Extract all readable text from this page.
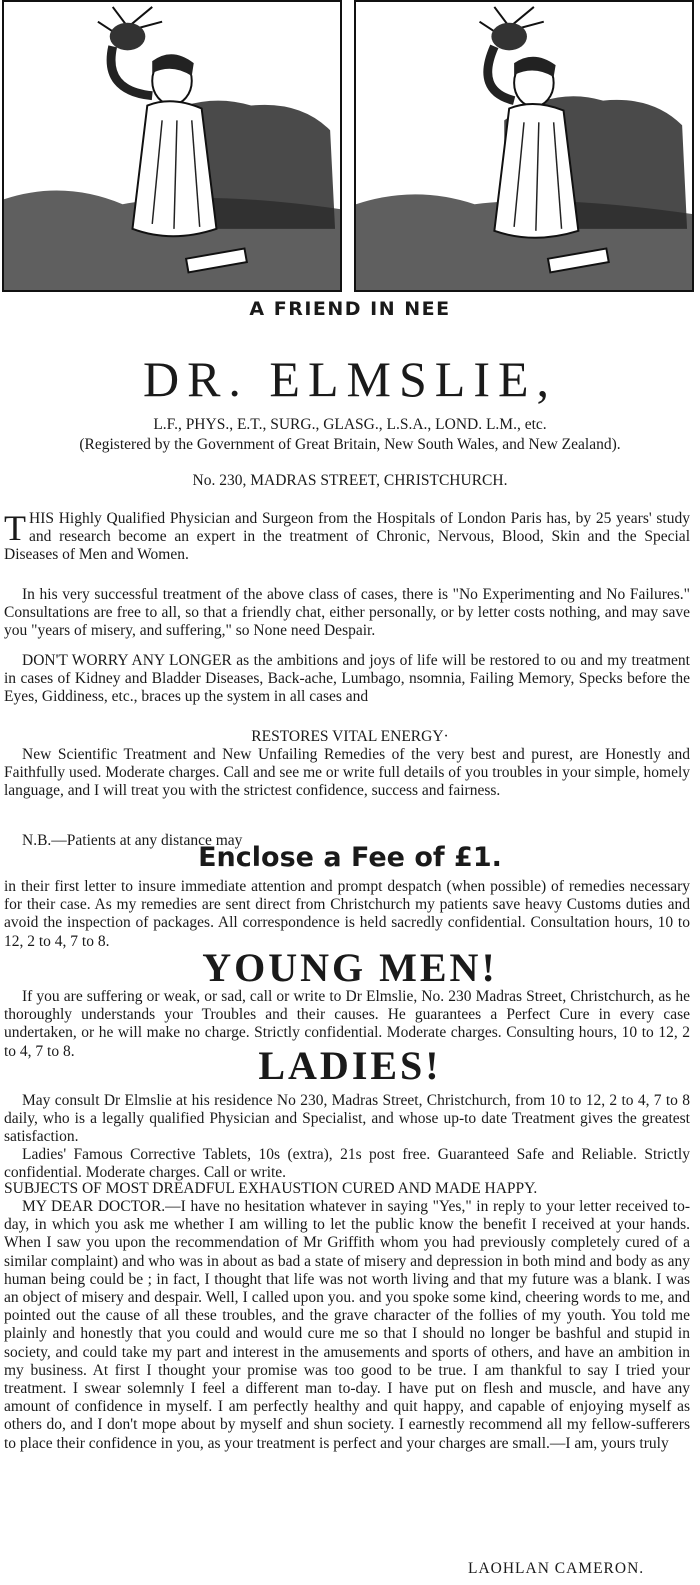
A FRIEND IN NEE
DR. ELMSLIE,
L.F., PHYS., E.T., SURG., GLASG., L.S.A., LOND. L.M., etc.
(Registered by the Government of Great Britain, New South Wales, and New Zealand).
No. 230, MADRAS STREET, CHRISTCHURCH.
THIS Highly Qualified Physician and Surgeon from the Hospitals of London Paris has, by 25 years' study and research become an expert in the treatment of Chronic, Nervous, Blood, Skin and the Special Diseases of Men and Women.
In his very successful treatment of the above class of cases, there is "No Experimenting and No Failures." Consultations are free to all, so that a friendly chat, either personally, or by letter costs nothing, and may save you "years of misery, and suffering," so None need Despair.
DON'T WORRY ANY LONGER as the ambitions and joys of life will be restored to ou and my treatment in cases of Kidney and Bladder Diseases, Back-ache, Lumbago, nsomnia, Failing Memory, Specks before the Eyes, Giddiness, etc., braces up the system in all cases and
RESTORES VITAL ENERGY·
New Scientific Treatment and New Unfailing Remedies of the very best and purest, are Honestly and Faithfully used. Moderate charges. Call and see me or write full details of you troubles in your simple, homely language, and I will treat you with the strictest confidence, success and fairness.
N.B.—Patients at any distance may
Enclose a Fee of £1.
in their first letter to insure immediate attention and prompt despatch (when possible) of remedies necessary for their case. As my remedies are sent direct from Christchurch my patients save heavy Customs duties and avoid the inspection of packages. All correspondence is held sacredly confidential. Consultation hours, 10 to 12, 2 to 4, 7 to 8.
YOUNG MEN!
If you are suffering or weak, or sad, call or write to Dr Elmslie, No. 230 Madras Street, Christchurch, as he thoroughly understands your Troubles and their causes. He guarantees a Perfect Cure in every case undertaken, or he will make no charge. Strictly confidential. Moderate charges. Consulting hours, 10 to 12, 2 to 4, 7 to 8.	LADIES!
May consult Dr Elmslie at his residence No 230, Madras Street, Christchurch, from 10 to 12, 2 to 4, 7 to 8 daily, who is a legally qualified Physician and Specialist, and whose up-to date Treatment gives the greatest satisfaction.
Ladies' Famous Corrective Tablets, 10s (extra), 21s post free. Guaranteed Safe and Reliable. Strictly confidential. Moderate charges. Call or write.
SUBJECTS OF MOST DREADFUL EXHAUSTION CURED AND MADE HAPPY.
MY DEAR DOCTOR.—I have no hesitation whatever in saying "Yes," in reply to your letter received to-day, in which you ask me whether I am willing to let the public know the benefit I received at your hands. When I saw you upon the recommendation of Mr Griffith whom you had previously completely cured of a similar complaint) and who was in about as bad a state of misery and depression in both mind and body as any human being could be ; in fact, I thought that life was not worth living and that my future was a blank. I was an object of misery and despair. Well, I called upon you. and you spoke some kind, cheering words to me, and pointed out the cause of all these troubles, and the grave character of the follies of my youth. You told me plainly and honestly that you could and would cure me so that I should no longer be bashful and stupid in society, and could take my part and interest in the amusements and sports of others, and have an ambition in my business. At first I thought your promise was too good to be true. I am thankful to say I tried your treatment. I swear solemnly I feel a different man to-day. I have put on flesh and muscle, and have any amount of confidence in myself. I am perfectly healthy and quit happy, and capable of enjoying myself as others do, and I don't mope about by myself and shun society. I earnestly recommend all my fellow-sufferers to place their confidence in you, as your treatment is perfect and your charges are small.—I am, yours truly
LAOHLAN CAMERON.
